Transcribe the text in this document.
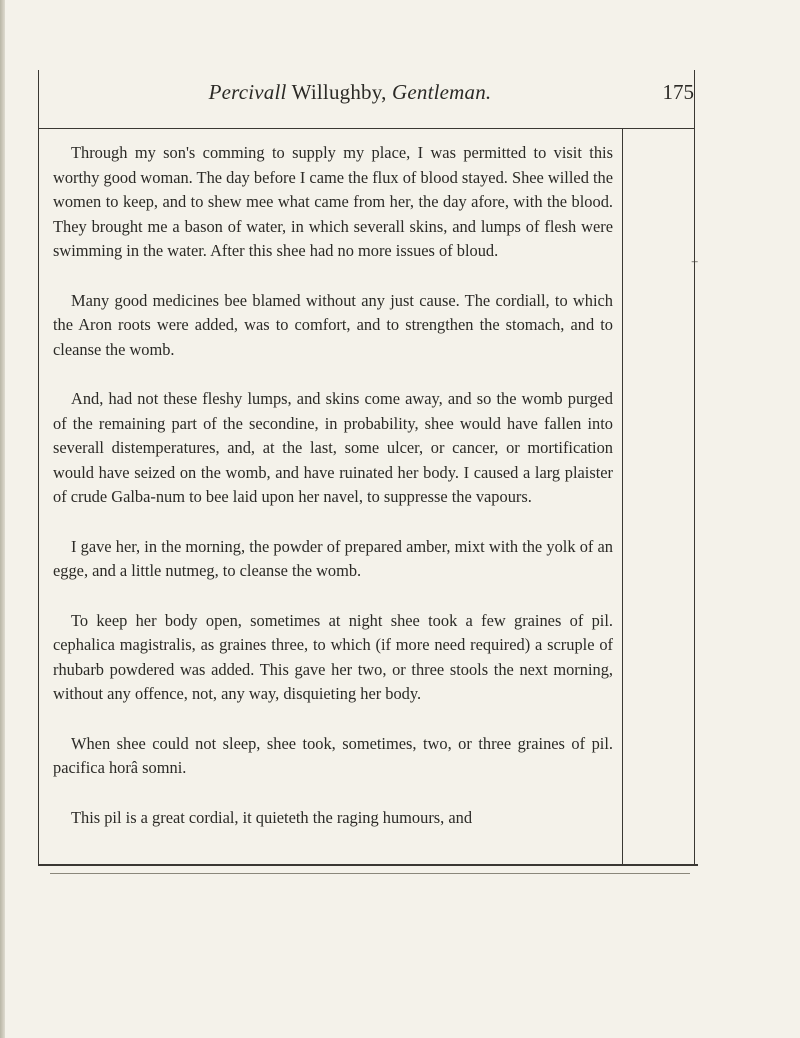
Percivall Willughby, Gentleman.	175
+

Through my son's comming to supply my place, I was permitted to visit this worthy good woman. The day before I came the flux of blood stayed. Shee willed the women to keep, and to shew mee what came from her, the day afore, with the blood. They brought me a bason of water, in which severall skins, and lumps of flesh were swimming in the water. After this shee had no more issues of bloud.

Many good medicines bee blamed without any just cause. The cordiall, to which the Aron roots were added, was to comfort, and to strengthen the stomach, and to cleanse the womb.

And, had not these fleshy lumps, and skins come away, and so the womb purged of the remaining part of the secondine, in probability, shee would have fallen into severall distemperatures, and, at the last, some ulcer, or cancer, or mortification would have seized on the womb, and have ruinated her body. I caused a larg plaister of crude Galba-num to bee laid upon her navel, to suppresse the vapours.

I gave her, in the morning, the powder of prepared amber, mixt with the yolk of an egge, and a little nutmeg, to cleanse the womb.

To keep her body open, sometimes at night shee took a few graines of pil. cephalica magistralis, as graines three, to which (if more need required) a scruple of rhubarb powdered was added. This gave her two, or three stools the next morning, without any offence, not, any way, disquieting her body.

When shee could not sleep, shee took, sometimes, two, or three graines of pil. pacifica horâ somni.

This pil is a great cordial, it quieteth the raging humours, and
